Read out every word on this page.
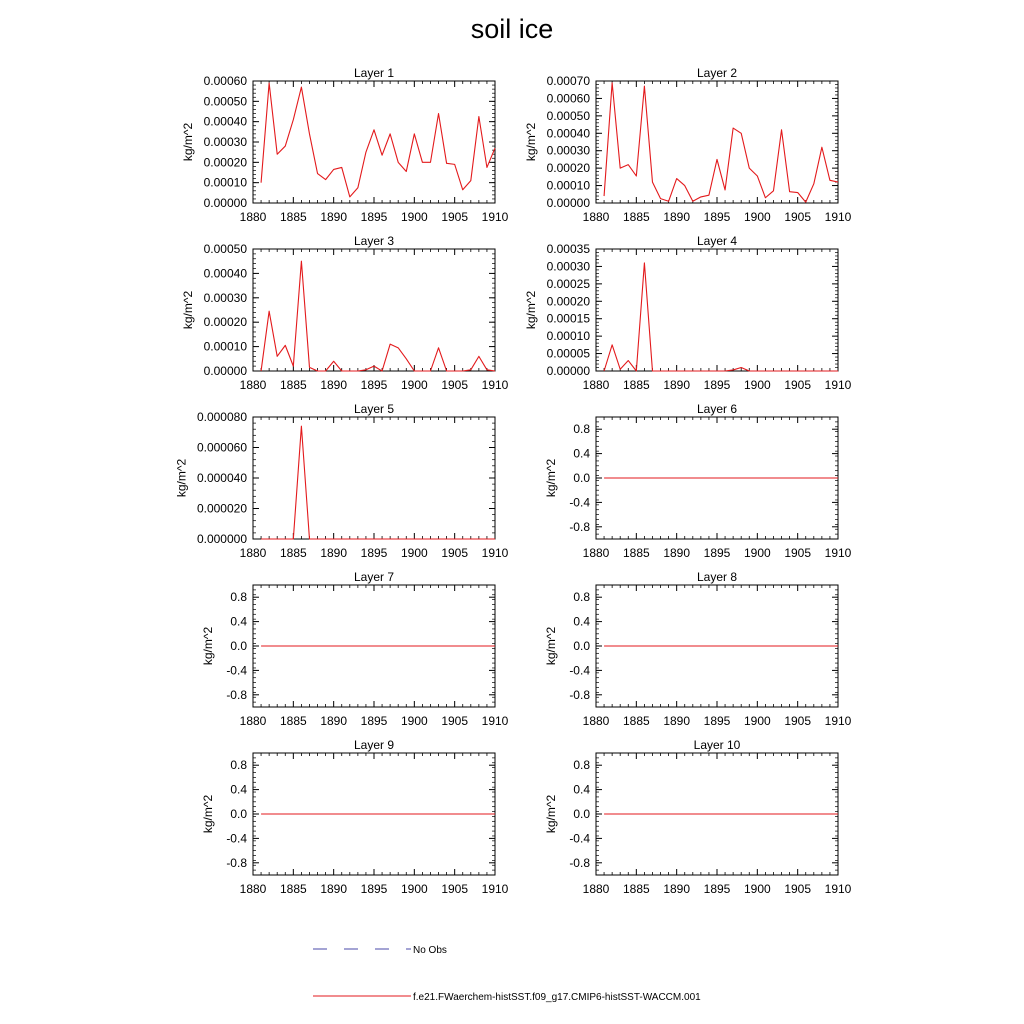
soil ice
Layer 1
1880 1885 1890 1895 1900 1905 1910
0.00000
0.00010
0.00020
0.00030
0.00040
0.00050
0.00060
kg/m^2
Layer 2
1880 1885 1890 1895 1900 1905 1910
0.00000
0.00010
0.00020
0.00030
0.00040
0.00050
0.00060
0.00070
kg/m^2
Layer 3
1880 1885 1890 1895 1900 1905 1910
0.00000
0.00010
0.00020
0.00030
0.00040
0.00050
kg/m^2
Layer 4
1880 1885 1890 1895 1900 1905 1910
0.00000
0.00005
0.00010
0.00015
0.00020
0.00025
0.00030
0.00035
kg/m^2
Layer 5
1880 1885 1890 1895 1900 1905 1910
0.000000
0.000020
0.000040
0.000060
0.000080
kg/m^2
Layer 6
1880 1885 1890 1895 1900 1905 1910
-0.8
-0.4
0.0
0.4
0.8
kg/m^2
Layer 7
1880 1885 1890 1895 1900 1905 1910
-0.8
-0.4
0.0
0.4
0.8
kg/m^2
Layer 8
1880 1885 1890 1895 1900 1905 1910
-0.8
-0.4
0.0
0.4
0.8
kg/m^2
Layer 9
1880 1885 1890 1895 1900 1905 1910
-0.8
-0.4
0.0
0.4
0.8
kg/m^2
Layer 10
1880 1885 1890 1895 1900 1905 1910
-0.8
-0.4
0.0
0.4
0.8
kg/m^2
No Obs
f.e21.FWaerchem-histSST.f09_g17.CMIP6-histSST-WACCM.001
